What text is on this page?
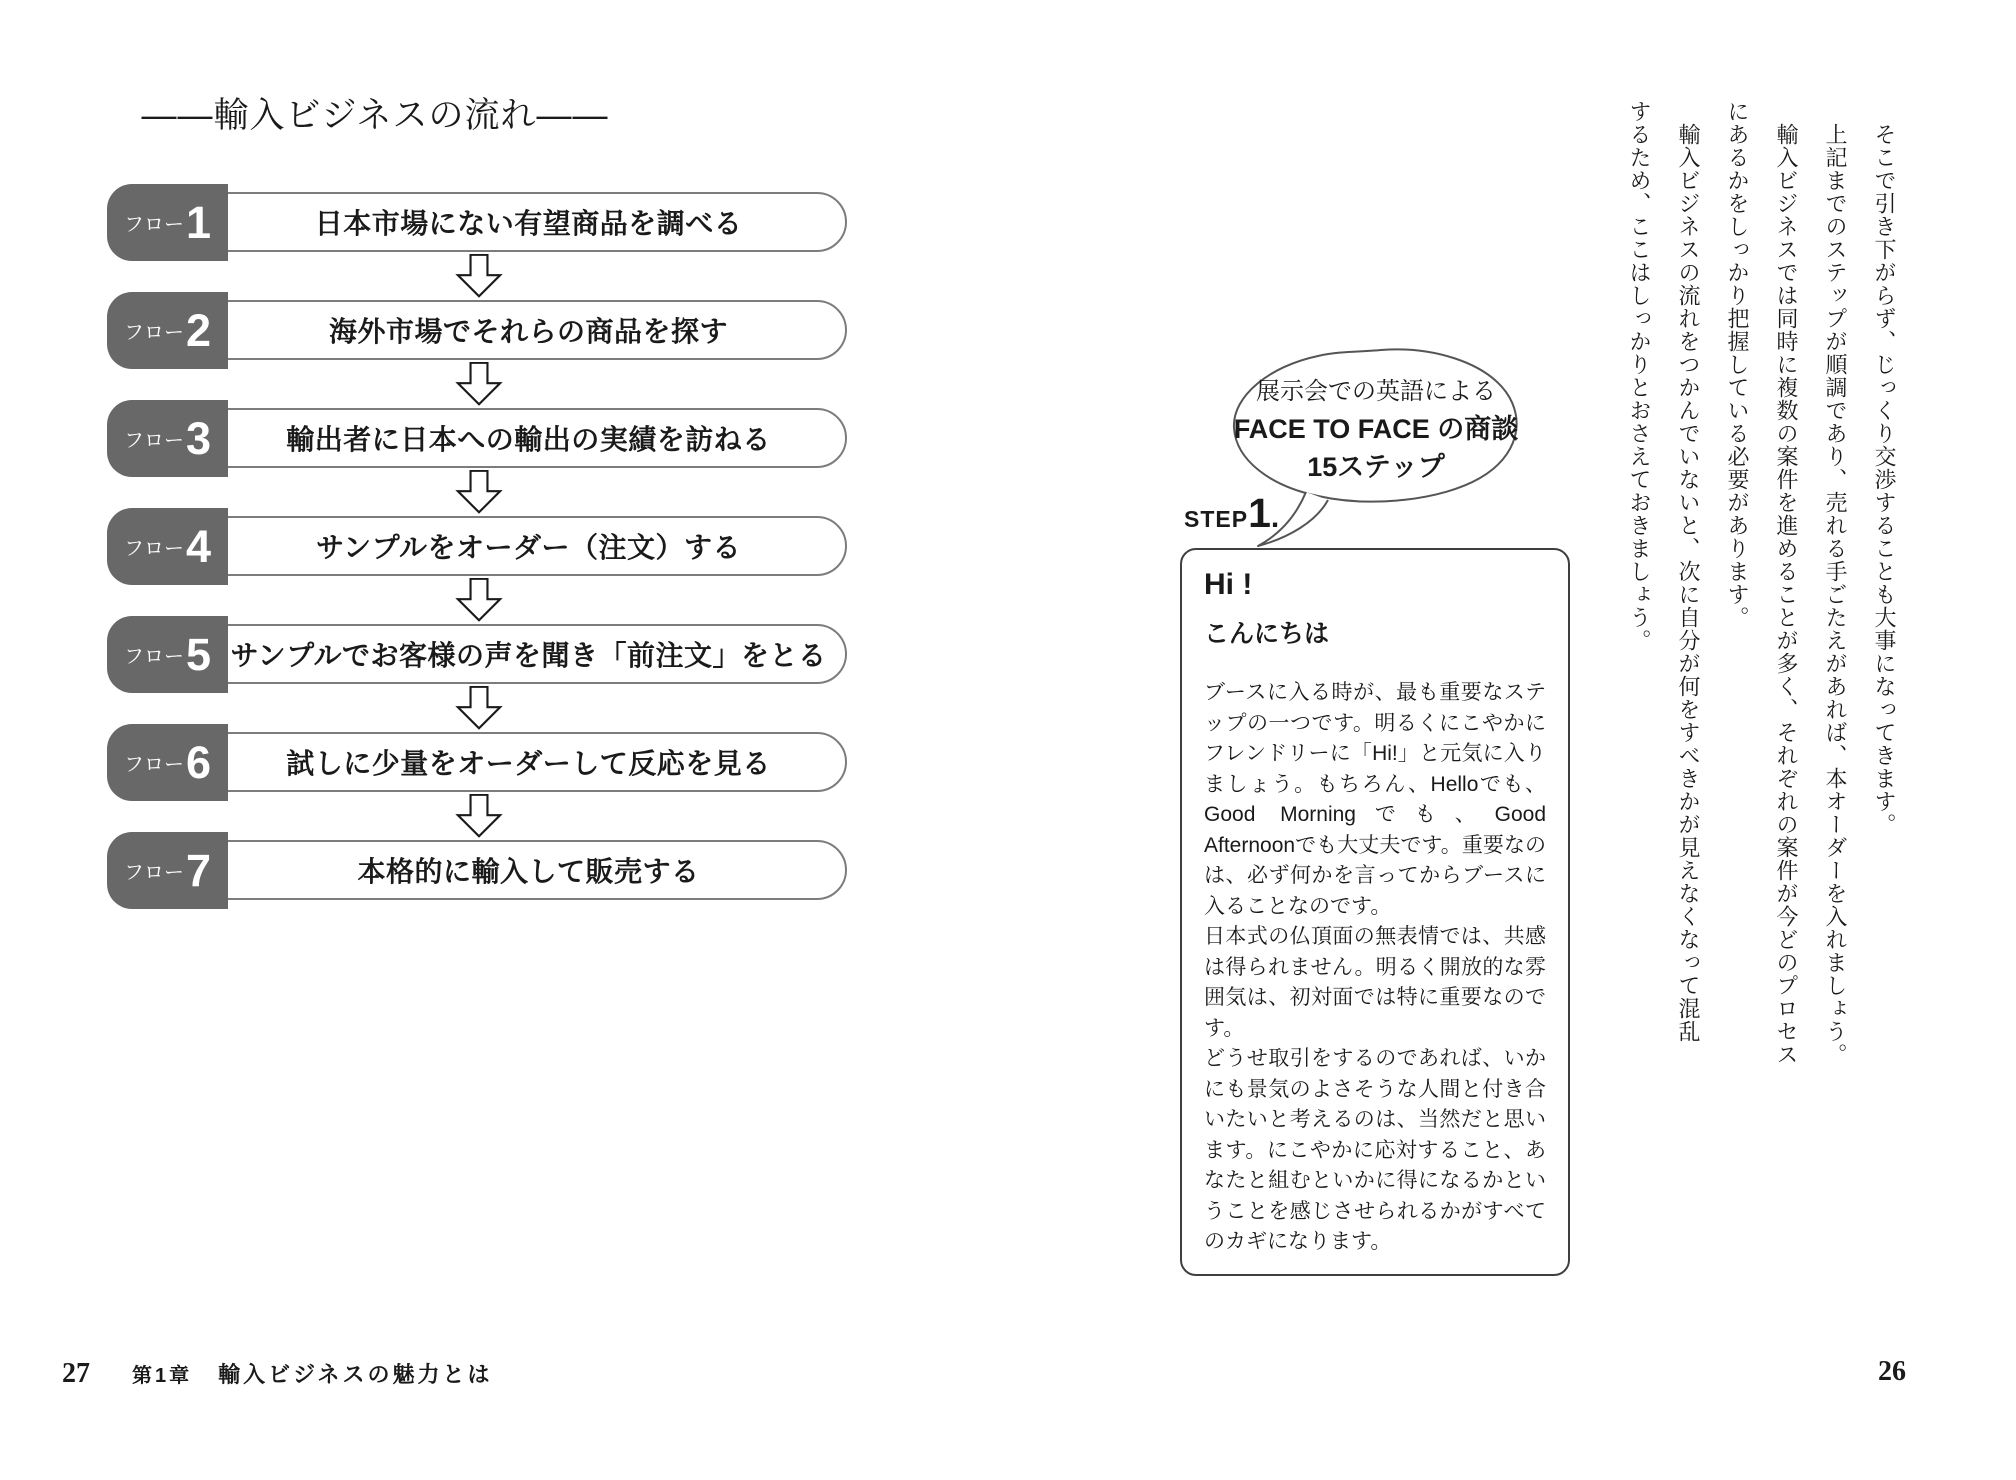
――輸入ビジネスの流れ――
フロー 1	日本市場にない有望商品を調べる
フロー 2	海外市場でそれらの商品を探す
フロー 3	輸出者に日本への輸出の実績を訪ねる
フロー 4	サンプルをオーダー（注文）する
フロー 5 サンプルでお客様の声を聞き「前注文」をとる
フロー 6	試しに少量をオーダーして反応を見る
フロー 7	本格的に輸入して販売する
27 第1章 輸入ビジネスの魅力とは
そこで引き下がらず、じっくり交渉することも大事になってきます。
上記までのステップが順調であり、売れる手ごたえがあれば、本オーダーを入れましょう。
輸入ビジネスでは同時に複数の案件を進めることが多く、それぞれの案件が今どのプロセス
にあるかをしっかり把握している必要があります。
輸入ビジネスの流れをつかんでいないと、次に自分が何をすべきかが見えなくなって混乱
するため、ここはしっかりとおさえておきましょう。
展示会での英語による
FACE TO FACE の商談
15ステップ
STEP1.
Hi !
こんにちは

ブースに入る時が、最も重要なステップの一つです。明るくにこやかにフレンドリーに「Hi!」と元気に入りましょう。もちろん、Helloでも、Good Morningでも、Good Afternoonでも大丈夫です。重要なのは、必ず何かを言ってからブースに入ることなのです。

日本式の仏頂面の無表情では、共感は得られません。明るく開放的な雰囲気は、初対面では特に重要なのです。

どうせ取引をするのであれば、いかにも景気のよさそうな人間と付き合いたいと考えるのは、当然だと思います。にこやかに応対すること、あなたと組むといかに得になるかということを感じさせられるかがすべてのカギになります。

26
